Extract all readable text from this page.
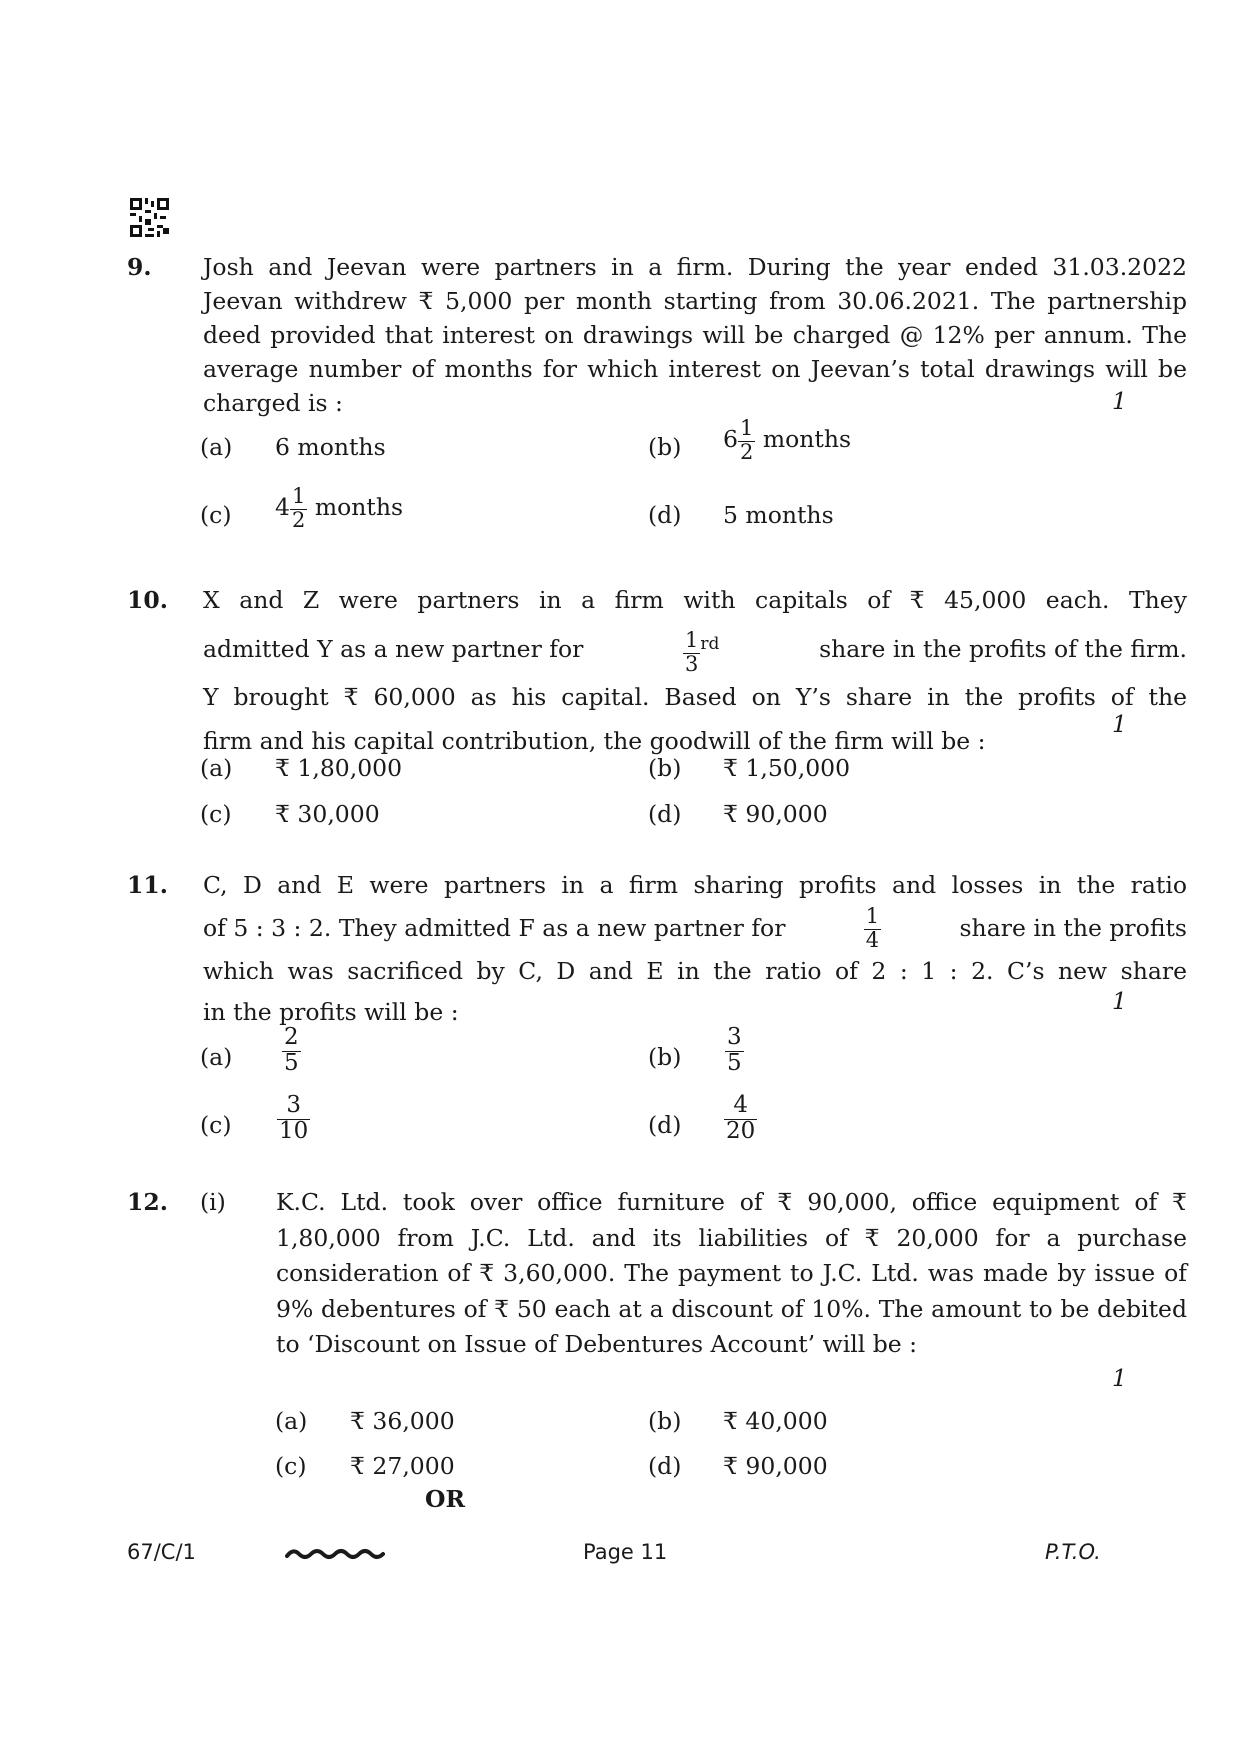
9. Josh and Jeevan were partners in a firm. During the year ended 31.03.2022 Jeevan withdrew ₹ 5,000 per month starting from 30.06.2021. The partnership deed provided that interest on drawings will be charged @ 12% per annum. The average number of months for which interest on Jeevan’s total drawings will be charged is :	1
(a) 6 months	(b) $6 \frac{1}{2}$ months
(c) $4 \frac{1}{2}$ months	(d) 5 months
10. X and Z were partners in a firm with capitals of ₹ 45,000 each. They
admitted Y as a new partner for	$\frac{1}{3} ^{rd}$	share in the profits of the firm.
Y brought ₹ 60,000 as his capital. Based on Y’s share in the profits of the
firm and his capital contribution, the goodwill of the firm will be :
1
(a) ₹ 1,80,000	(b) ₹ 1,50,000
(c) ₹ 30,000	(d) ₹ 90,000
11. C, D and E were partners in a firm sharing profits and losses in the ratio
of 5 : 3 : 2. They admitted F as a new partner for	$\frac{1}{4}$	share in the profits
which was sacrificed by C, D and E in the ratio of 2 : 1 : 2. C’s new share
in the profits will be :	1
$(a) \frac{2}{5}$	$(b) \frac{3}{5}$
$(c) \frac{3}{10}$	$(d) \frac{4}{20}$
12. (i) K.C. Ltd. took over office furniture of ₹ 90,000, office equipment of ₹ 1,80,000 from J.C. Ltd. and its liabilities of ₹ 20,000 for a purchase consideration of ₹ 3,60,000. The payment to J.C. Ltd. was made by issue of 9% debentures of ₹ 50 each at a discount of 10%. The amount to be debited to ‘Discount on Issue of Debentures Account’ will be :
1
(a) ₹ 36,000	(b) ₹ 40,000
(c) ₹ 27,000	(d) ₹ 90,000
OR
67/C/1	Page 11	P.T.O.
